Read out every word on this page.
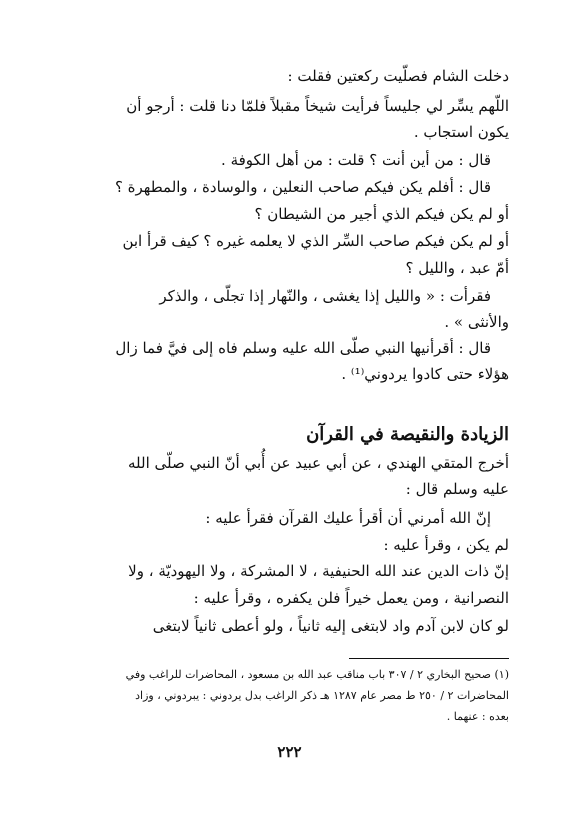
دخلت الشام فصلّيت ركعتين فقلت :
اللّهم يسِّر لي جليساً فرأيت شيخاً مقبلاً فلمّا دنا قلت : أرجو أن
يكون استجاب .
قال : من أين أنت ؟ قلت : من أهل الكوفة .
قال : أفلم يكن فيكم صاحب النعلين ، والوسادة ، والمطهرة ؟
أو لم يكن فيكم الذي أجير من الشيطان ؟
أو لم يكن فيكم صاحب السِّر الذي لا يعلمه غيره ؟ كيف قرأ ابن
أمّ عبد ، والليل ؟
فقرأت : « والليل إذا يغشى ، والنّهار إذا تجلّى ، والذكر
والأنثى » .
قال : أقرأنيها النبي صلّى الله عليه وسلم فاه إلى فيَّ فما زال
هؤلاء حتى كادوا يردوني⁽¹⁾ .
الزيادة والنقيصة في القرآن
أخرج المتقي الهندي ، عن أبي عبيد عن أُبي أنّ النبي صلّى الله
عليه وسلم قال :
إنّ الله أمرني أن أقرأ عليك القرآن فقرأ عليه :
لم يكن ، وقرأ عليه :
إنّ ذات الدين عند الله الحنيفية ، لا المشركة ، ولا اليهوديّة ، ولا
النصرانية ، ومن يعمل خيراً فلن يكفره ، وقرأ عليه :
لو كان لابن آدم واد لابتغى إليه ثانياً ، ولو أعطى ثانياً لابتغى
(١) صحيح البخاري ٢ / ٣٠٧ باب مناقب عبد الله بن مسعود ، المحاضرات للراغب وفي
المحاضرات ٢ / ٢٥٠ ط مصر عام ١٢٨٧ هـ ذكر الراغب بدل يردوني : يبردوني ، وزاد
بعده : عنهما .
٢٢٢
